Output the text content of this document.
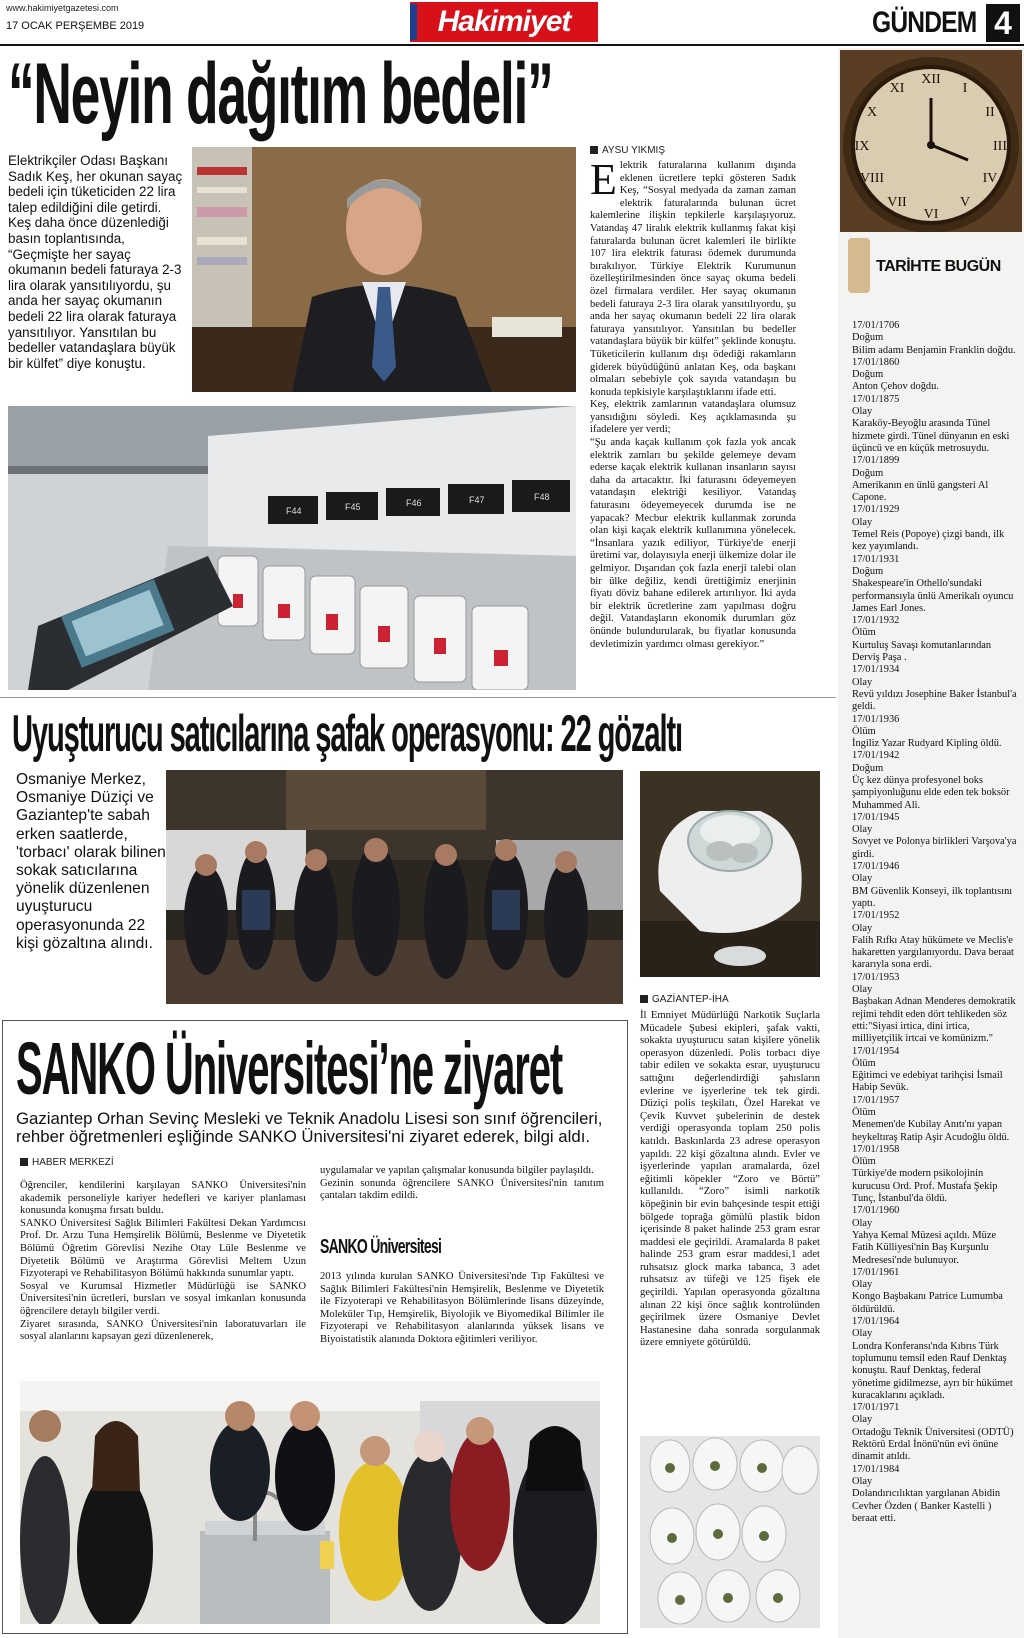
www.hakimiyetgazetesi.com
17 OCAK PERŞEMBE 2019	Hakimiyet	GÜNDEM 4
“Neyin dağıtım bedeli”
Elektrikçiler Odası Başkanı Sadık Keş, her okunan sayaç bedeli için tüketiciden 22 lira talep edildiğini dile getirdi. Keş daha önce düzenlediği basın toplantısında, “Geçmişte her sayaç okumanın bedeli faturaya 2-3 lira olarak yansıtılıyordu, şu anda her sayaç okumanın bedeli 22 lira olarak faturaya yansıtılıyor. Yansıtılan bu bedeller vatandaşlara büyük bir külfet” diye konuştu.
F44	F45	F46	F47	F48
AYSU YIKMIŞ
Elektrik faturalarına kullanım dışında eklenen ücretlere tepki gösteren Sadık Keş, “Sosyal medyada da zaman zaman elektrik faturalarında bulunan ücret kalemlerine ilişkin tepkilerle karşılaşıyoruz. Vatandaş 47 liralık elektrik kullanmış fakat kişi faturalarda bulunan ücret kalemleri ile birlikte 107 lira elektrik faturası ödemek durumunda bırakılıyor. Türkiye Elektrik Kurumunun özelleştirilmesinden önce sayaç okuma bedeli özel firmalara verdiler. Her sayaç okumanın bedeli faturaya 2-3 lira olarak yansıtılıyordu, şu anda her sayaç okumanın bedeli 22 lira olarak faturaya yansıtılıyor. Yansıtılan bu bedeller vatandaşlara büyük bir külfet” şeklinde konuştu. Tüketicilerin kullanım dışı ödediği rakamların giderek büyüdüğünü anlatan Keş, oda başkanı olmaları sebebiyle çok sayıda vatandaşın bu konuda tepkisiyle karşılaştıklarını ifade etti.
Keş, elektrik zamlarının vatandaşlara olumsuz yansıdığını söyledi. Keş açıklamasında şu ifadelere yer verdi;
“Şu anda kaçak kullanım çok fazla yok ancak elektrik zamları bu şekilde gelemeye devam ederse kaçak elektrik kullanan insanların sayısı daha da artacaktır. İki faturasını ödeyemeyen vatandaşın elektriği kesiliyor. Vatandaş faturasını ödeyemeyecek durumda ise ne yapacak? Mecbur elektrik kullanmak zorunda olan kişi kaçak elektrik kullanımına yönelecek. “İnsanlara yazık ediliyor, Türkiye'de enerji üretimi var, dolayısıyla enerji ülkemize dolar ile gelmiyor. Dışarıdan çok fazla enerji talebi olan bir ülke değiliz, kendi ürettiğimiz enerjinin fiyatı döviz bahane edilerek artırılıyor. İki ayda bir elektrik ücretlerine zam yapılması doğru değil. Vatandaşların ekonomik durumları göz önünde bulundurularak, bu fiyatlar konusunda devletimizin yardımcı olması gerekiyor.”
Uyuşturucu satıcılarına şafak operasyonu: 22 gözaltı
Osmaniye Merkez, Osmaniye Düziçi ve Gaziantep'te sabah erken saatlerde, 'torbacı' olarak bilinen sokak satıcılarına yönelik düzenlenen uyuşturucu operasyonunda 22 kişi gözaltına alındı.
GAZİANTEP-İHA
İl Emniyet Müdürlüğü Narkotik Suçlarla Mücadele Şubesi ekipleri, şafak vakti, sokakta uyuşturucu satan kişilere yönelik operasyon düzenledi. Polis torbacı diye tabir edilen ve sokakta esrar, uyuşturucu sattığını değerlendirdiği şahısların evlerine ve işyerlerine tek tek girdi. Düziçi polis teşkilatı, Özel Harekat ve Çevik Kuvvet şubelerinin de destek verdiği operasyonda toplam 250 polis katıldı. Baskınlarda 23 adrese operasyon yapıldı. 22 kişi gözaltına alındı. Evler ve işyerlerinde yapılan aramalarda, özel eğitimli köpekler “Zoro ve Börtü” kullanıldı. “Zoro” isimli narkotik köpeğinin bir evin bahçesinde tespit ettiği bölgede toprağa gömülü plastik bidon içerisinde 8 paket halinde 253 gram esrar maddesi ele geçirildi. Aramalarda 8 paket halinde 253 gram esrar maddesi,1 adet ruhsatsız glock marka tabanca, 3 adet ruhsatsız av tüfeği ve 125 fişek ele geçirildi. Yapılan operasyonda gözaltına alınan 22 kişi önce sağlık kontrolünden geçirilmek üzere Osmaniye Devlet Hastanesine daha sonrada sorgulanmak üzere emniyete götürüldü.
SANKO Üniversitesi’ne ziyaret
Gaziantep Orhan Sevinç Mesleki ve Teknik Anadolu Lisesi son sınıf öğrencileri, rehber öğretmenleri eşliğinde SANKO Üniversitesi'ni ziyaret ederek, bilgi aldı.
HABER MERKEZİ
Öğrenciler, kendilerini karşılayan SANKO Üniversitesi'nin akademik personeliyle kariyer hedefleri ve kariyer planlaması konusunda konuşma fırsatı buldu.
SANKO Üniversitesi Sağlık Bilimleri Fakültesi Dekan Yardımcısı Prof. Dr. Arzu Tuna Hemşirelik Bölümü, Beslenme ve Diyetetik Bölümü Öğretim Görevlisi Nezihe Otay Lüle Beslenme ve Diyetetik Bölümü ve Araştırma Görevlisi Meltem Uzun Fizyoterapi ve Rehabilitasyon Bölümü hakkında sunumlar yaptı.
Sosyal ve Kurumsal Hizmetler Müdürlüğü ise SANKO Üniversitesi'nin ücretleri, bursları ve sosyal imkanları konusunda öğrencilere detaylı bilgiler verdi.
Ziyaret sırasında, SANKO Üniversitesi'nin laboratuvarları ile sosyal alanlarını kapsayan gezi düzenlenerek,
uygulamalar ve yapılan çalışmalar konusunda bilgiler paylaşıldı.
Gezinin sonunda öğrencilere SANKO Üniversitesi'nin tanıtım çantaları takdim edildi.
SANKO Üniversitesi
2013 yılında kurulan SANKO Üniversitesi'nde Tıp Fakültesi ve Sağlık Bilimleri Fakültesi'nin Hemşirelik, Beslenme ve Diyetetik ile Fizyoterapi ve Rehabilitasyon Bölümlerinde lisans düzeyinde, Moleküler Tıp, Hemşirelik, Biyolojik ve Biyomedikal Bilimler ile Fizyoterapi ve Rehabilitasyon alanlarında yüksek lisans ve Biyoistatistik alanında Doktora eğitimleri veriliyor.
XII
I
II
III
IV
V
VI
VII
VIII
IX
X
XI
TARİHTE BUGÜN
17/01/1706
Doğum
Bilim adamı Benjamin Franklin doğdu.
17/01/1860
Doğum
Anton Çehov doğdu.
17/01/1875
Olay
Karaköy-Beyoğlu arasında Tünel hizmete girdi. Tünel dünyanın en eski üçüncü ve en küçük metrosuydu.
17/01/1899
Doğum
Amerikanın en ünlü gangsteri Al Capone.
17/01/1929
Olay
Temel Reis (Popoye) çizgi bandı, ilk kez yayımlandı.
17/01/1931
Doğum
Shakespeare'in Othello'sundaki performansıyla ünlü Amerikalı oyuncu James Earl Jones.
17/01/1932
Ölüm
Kurtuluş Savaşı komutanlarından Derviş Paşa .
17/01/1934
Olay
Revü yıldızı Josephine Baker İstanbul'a geldi.
17/01/1936
Ölüm
İngiliz Yazar Rudyard Kipling öldü.
17/01/1942
Doğum
Üç kez dünya profesyonel boks şampiyonluğunu elde eden tek boksör Muhammed Ali.
17/01/1945
Olay
Sovyet ve Polonya birlikleri Varşova'ya girdi.
17/01/1946
Olay
BM Güvenlik Konseyi, ilk toplantısını yaptı.
17/01/1952
Olay
Falih Rıfkı Atay hükümete ve Meclis'e hakaretten yargılanıyordu. Dava beraat kararıyla sona erdi.
17/01/1953
Olay
Başbakan Adnan Menderes demokratik rejimi tehdit eden dört tehlikeden söz etti:"Siyasi irtica, dini irtica, milliyetçilik irtcai ve komünizm."
17/01/1954
Ölüm
Eğitimci ve edebiyat tarihçisi İsmail Habip Sevük.
17/01/1957
Ölüm
Menemen'de Kubilay Anıtı'nı yapan heykeltıraş Ratip Aşir Acudoğlu öldü.
17/01/1958
Ölüm
Türkiye'de modern psikolojinin kurucusu Ord. Prof. Mustafa Şekip Tunç, İstanbul'da öldü.
17/01/1960
Olay
Yahya Kemal Müzesi açıldı. Müze Fatih Külliyesi'nin Baş Kurşunlu Medresesi'nde bulunuyor.
17/01/1961
Olay
Kongo Başbakanı Patrice Lumumba öldürüldü.
17/01/1964
Olay
Londra Konferansı'nda Kıbrıs Türk toplumunu temsil eden Rauf Denktaş konuştu. Rauf Denktaş, federal yönetime gidilmezse, ayrı bir hükümet kuracaklarını açıkladı.
17/01/1971
Olay
Ortadoğu Teknik Üniversitesi (ODTÜ) Rektörü Erdal İnönü'nün evi önüne dinamit atıldı.
17/01/1984
Olay
Dolandırıcılıktan yargılanan Abidin Cevher Özden ( Banker Kastelli ) beraat etti.
